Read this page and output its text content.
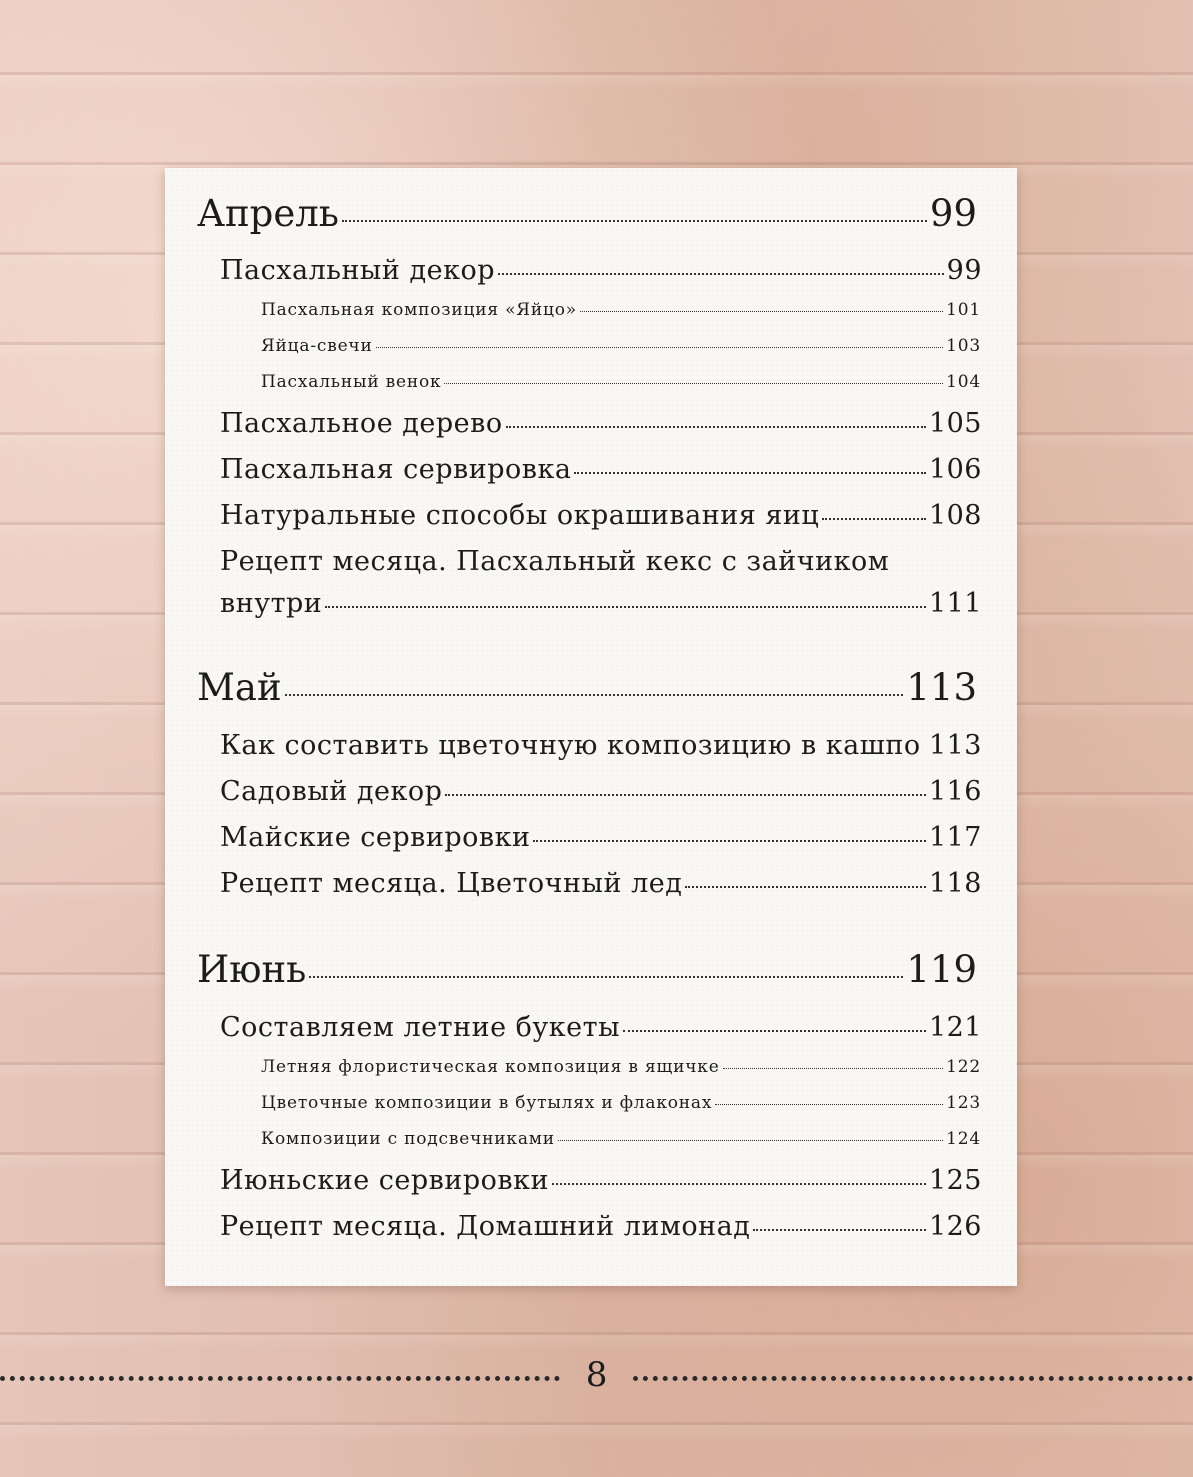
Апрель	99
Пасхальный декор	99
Пасхальная композиция «Яйцо»	101
Яйца-свечи	103
Пасхальный венок	104
Пасхальное дерево	105
Пасхальная сервировка	106
Натуральные способы окрашивания яиц	108
Рецепт месяца. Пасхальный кекс с зайчиком
внутри	111
Май	113
Как составить цветочную композицию в кашпо 113
Садовый декор	116
Майские сервировки	117
Рецепт месяца. Цветочный лед	118
Июнь	119
Составляем летние букеты	121
Летняя флористическая композиция в ящичке	122
Цветочные композиции в бутылях и флаконах	123
Композиции с подсвечниками	124
Июньские сервировки	125
Рецепт месяца. Домашний лимонад	126
8
